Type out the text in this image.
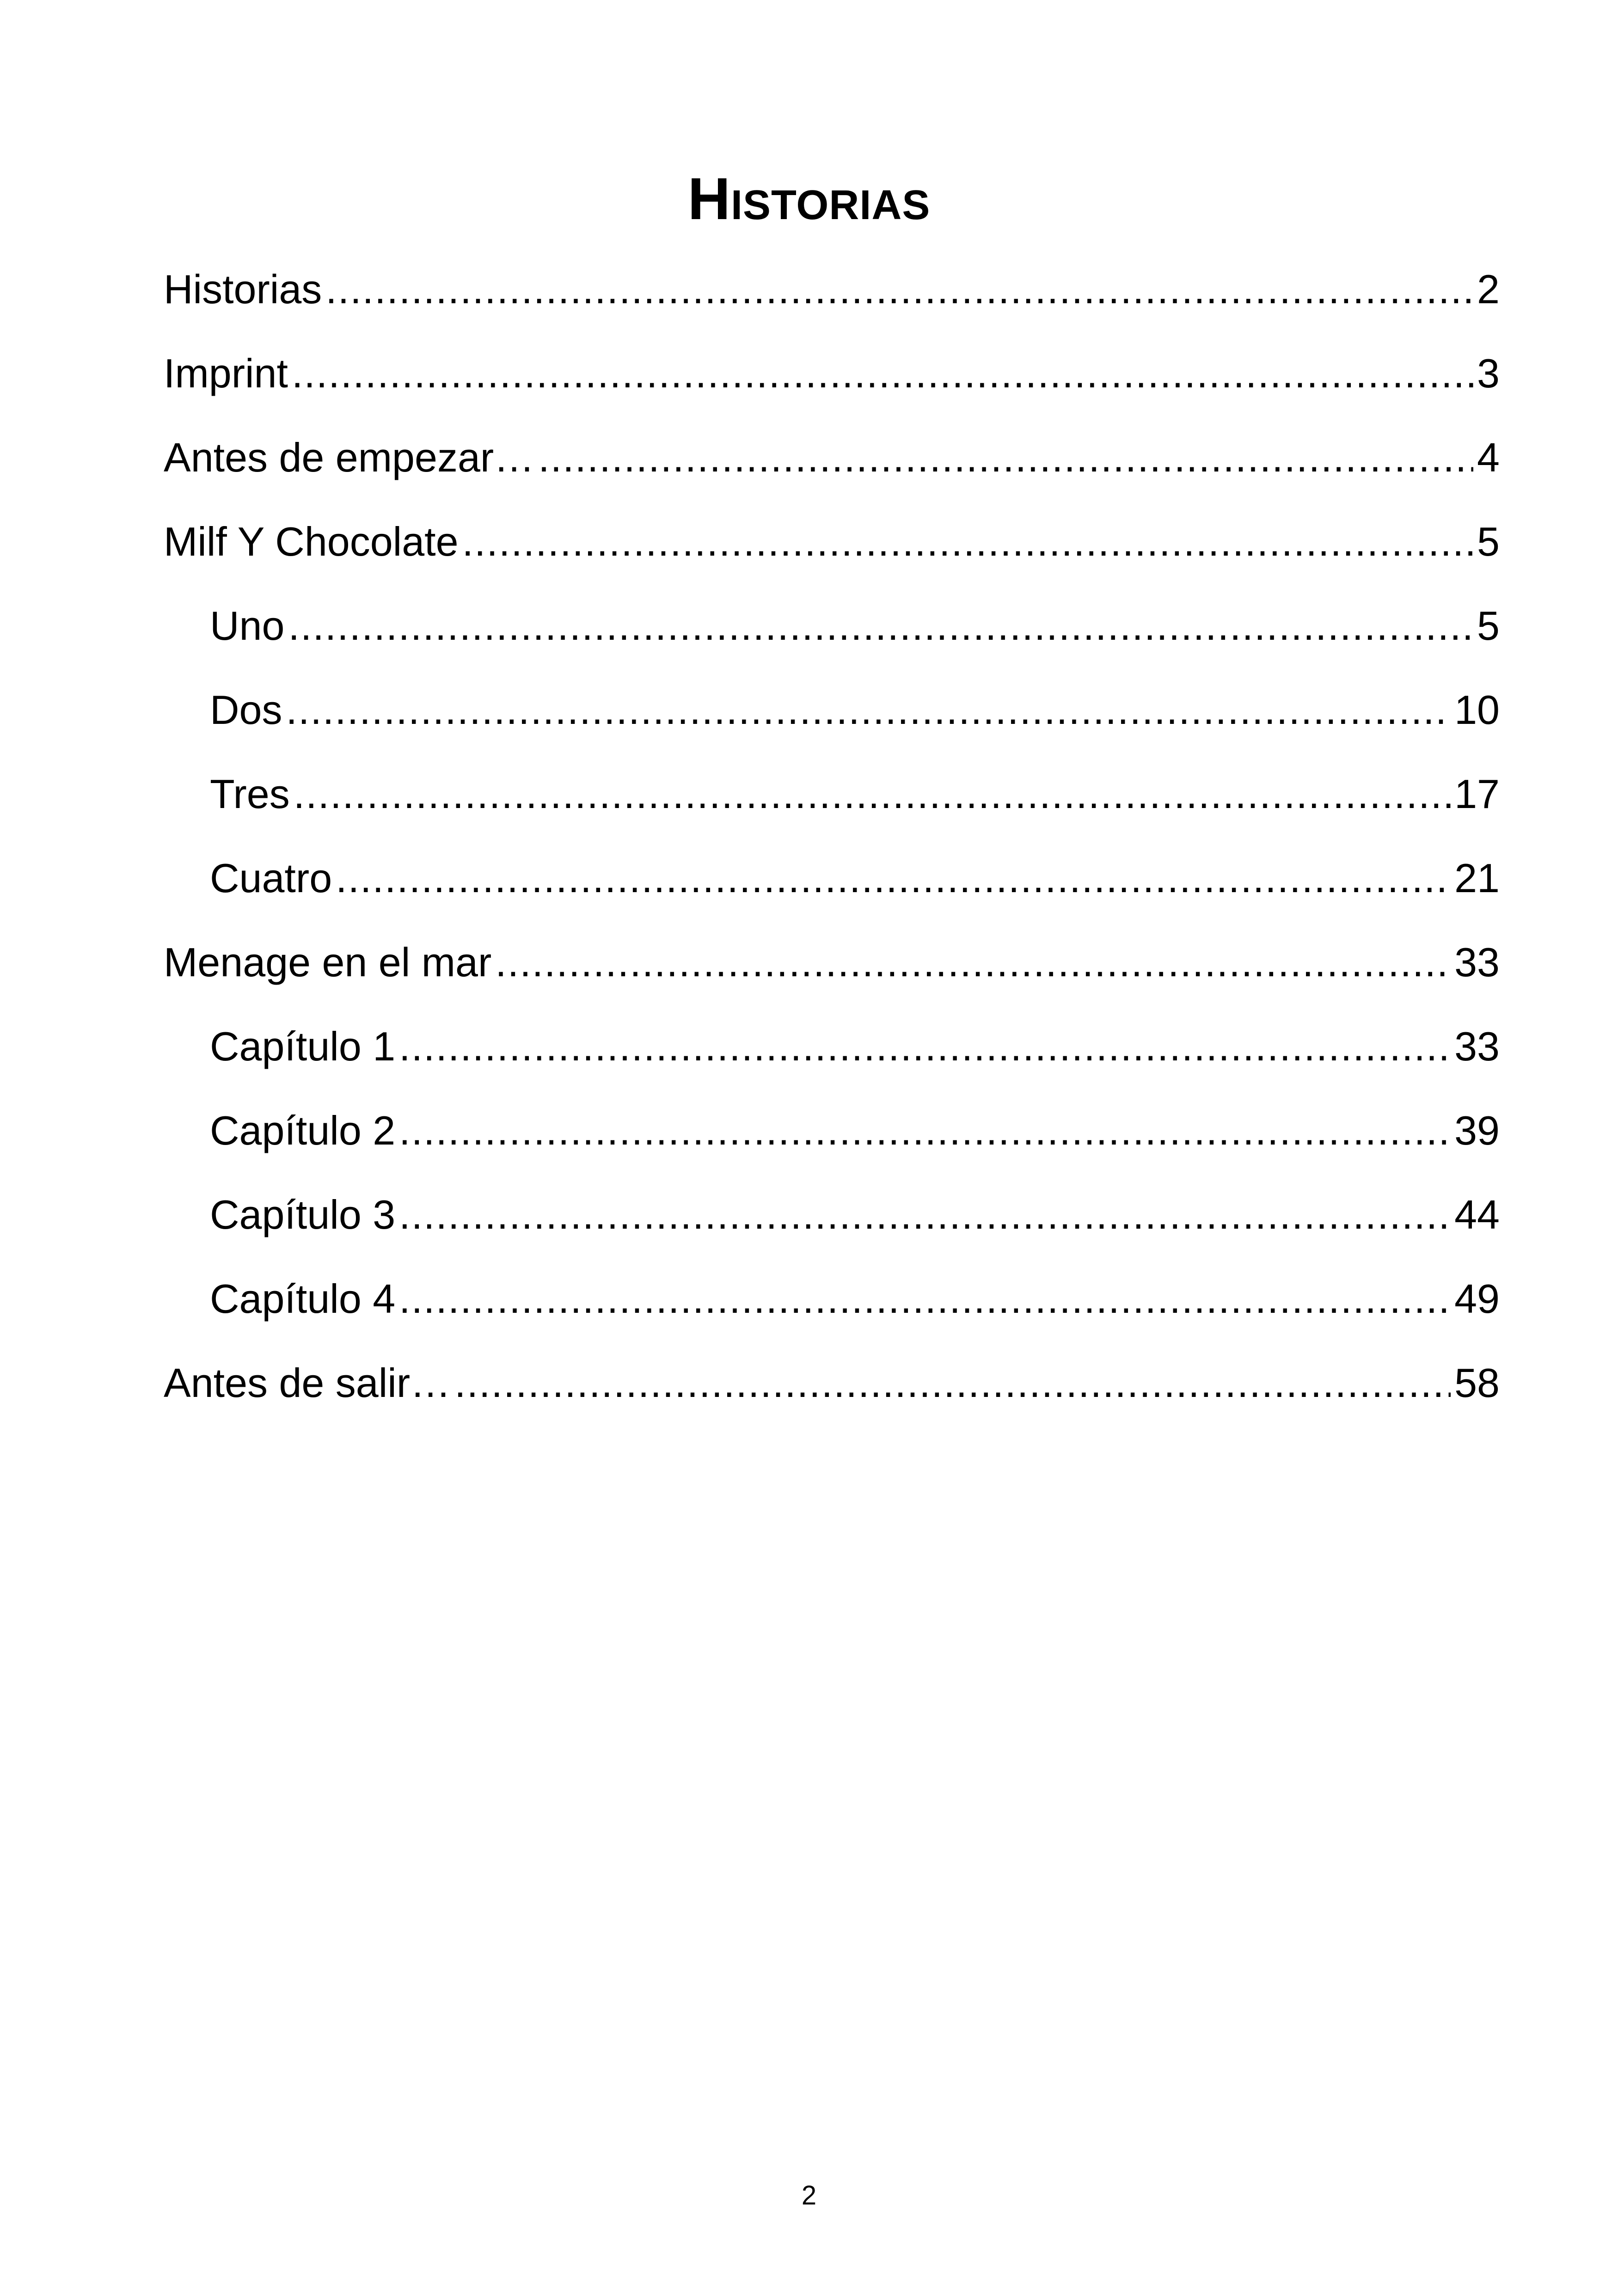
Historias
Historias .....	2
Imprint .....	3
Antes de empezar… .....	4
Milf Y Chocolate .....	5
Uno .....	5
Dos .....	10
Tres .....	17
Cuatro .....	21
Menage en el mar .....	33
Capítulo 1 .....	33
Capítulo 2 .....	39
Capítulo 3 .....	44
Capítulo 4 .....	49
Antes de salir… .....	58
2
